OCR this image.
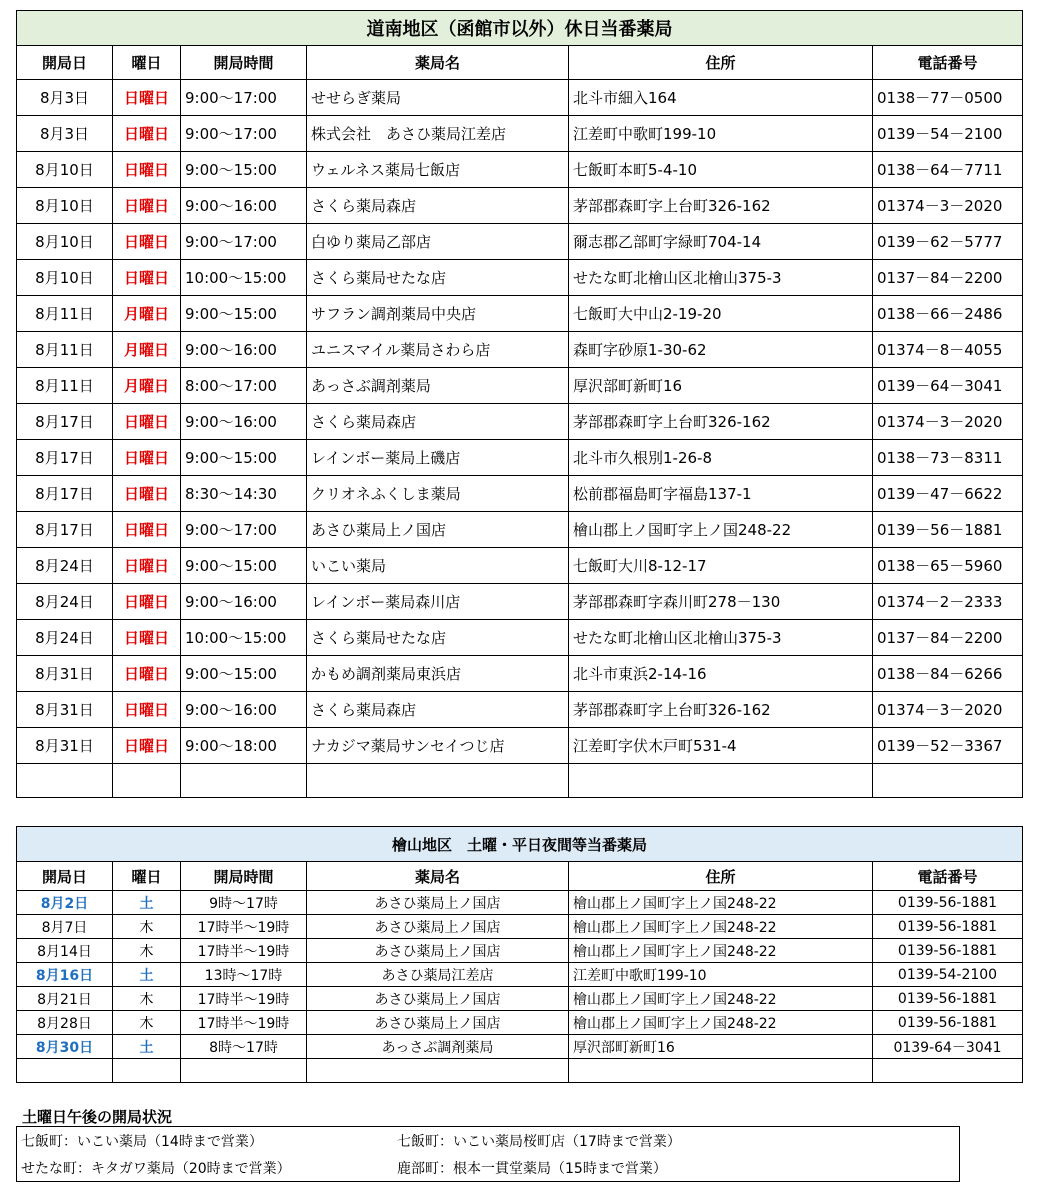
道南地区（函館市以外）休日当番薬局					
開局日	曜日	開局時間	薬局名	住所	電話番号
8月3日	日曜日	9:00～17:00	せせらぎ薬局	北斗市細入164	0138－77－0500
8月3日	日曜日	9:00～17:00	株式会社　あさひ薬局江差店	江差町中歌町199-10	0139－54－2100
8月10日	日曜日	9:00～15:00	ウェルネス薬局七飯店	七飯町本町5-4-10	0138－64－7711
8月10日	日曜日	9:00～16:00	さくら薬局森店	茅部郡森町字上台町326-162	01374－3－2020
8月10日	日曜日	9:00～17:00	白ゆり薬局乙部店	爾志郡乙部町字緑町704-14	0139－62－5777
8月10日	日曜日	10:00～15:00	さくら薬局せたな店	せたな町北檜山区北檜山375-3	0137－84－2200
8月11日	月曜日	9:00～15:00	サフラン調剤薬局中央店	七飯町大中山2-19-20	0138－66－2486
8月11日	月曜日	9:00～16:00	ユニスマイル薬局さわら店	森町字砂原1-30-62	01374－8－4055
8月11日	月曜日	8:00～17:00	あっさぶ調剤薬局	厚沢部町新町16	0139－64－3041
8月17日	日曜日	9:00～16:00	さくら薬局森店	茅部郡森町字上台町326-162	01374－3－2020
8月17日	日曜日	9:00～15:00	レインボー薬局上磯店	北斗市久根別1-26-8	0138－73－8311
8月17日	日曜日	8:30～14:30	クリオネふくしま薬局	松前郡福島町字福島137-1	0139－47－6622
8月17日	日曜日	9:00～17:00	あさひ薬局上ノ国店	檜山郡上ノ国町字上ノ国248-22	0139－56－1881
8月24日	日曜日	9:00～15:00	いこい薬局	七飯町大川8-12-17	0138－65－5960
8月24日	日曜日	9:00～16:00	レインボー薬局森川店	茅部郡森町字森川町278－130	01374－2－2333
8月24日	日曜日	10:00～15:00	さくら薬局せたな店	せたな町北檜山区北檜山375-3	0137－84－2200
8月31日	日曜日	9:00～15:00	かもめ調剤薬局東浜店	北斗市東浜2-14-16	0138－84－6266
8月31日	日曜日	9:00～16:00	さくら薬局森店	茅部郡森町字上台町326-162	01374－3－2020
8月31日	日曜日	9:00～18:00	ナカジマ薬局サンセイつじ店	江差町字伏木戸町531-4	0139－52－3367

檜山地区　土曜・平日夜間等当番薬局					
開局日	曜日	開局時間	薬局名	住所	電話番号
8月2日	土	9時～17時	あさひ薬局上ノ国店	檜山郡上ノ国町字上ノ国248-22	0139-56-1881
8月7日	木	17時半～19時	あさひ薬局上ノ国店	檜山郡上ノ国町字上ノ国248-22	0139-56-1881
8月14日	木	17時半～19時	あさひ薬局上ノ国店	檜山郡上ノ国町字上ノ国248-22	0139-56-1881
8月16日	土	13時～17時	あさひ薬局江差店	江差町中歌町199-10	0139-54-2100
8月21日	木	17時半～19時	あさひ薬局上ノ国店	檜山郡上ノ国町字上ノ国248-22	0139-56-1881
8月28日	木	17時半～19時	あさひ薬局上ノ国店	檜山郡上ノ国町字上ノ国248-22	0139-56-1881
8月30日	土	8時～17時	あっさぶ調剤薬局	厚沢部町新町16	0139-64－3041

土曜日午後の開局状況
七飯町：いこい薬局（14時まで営業）	七飯町：いこい薬局桜町店（17時まで営業）
せたな町：キタガワ薬局（20時まで営業）	鹿部町：根本一貫堂薬局（15時まで営業）
